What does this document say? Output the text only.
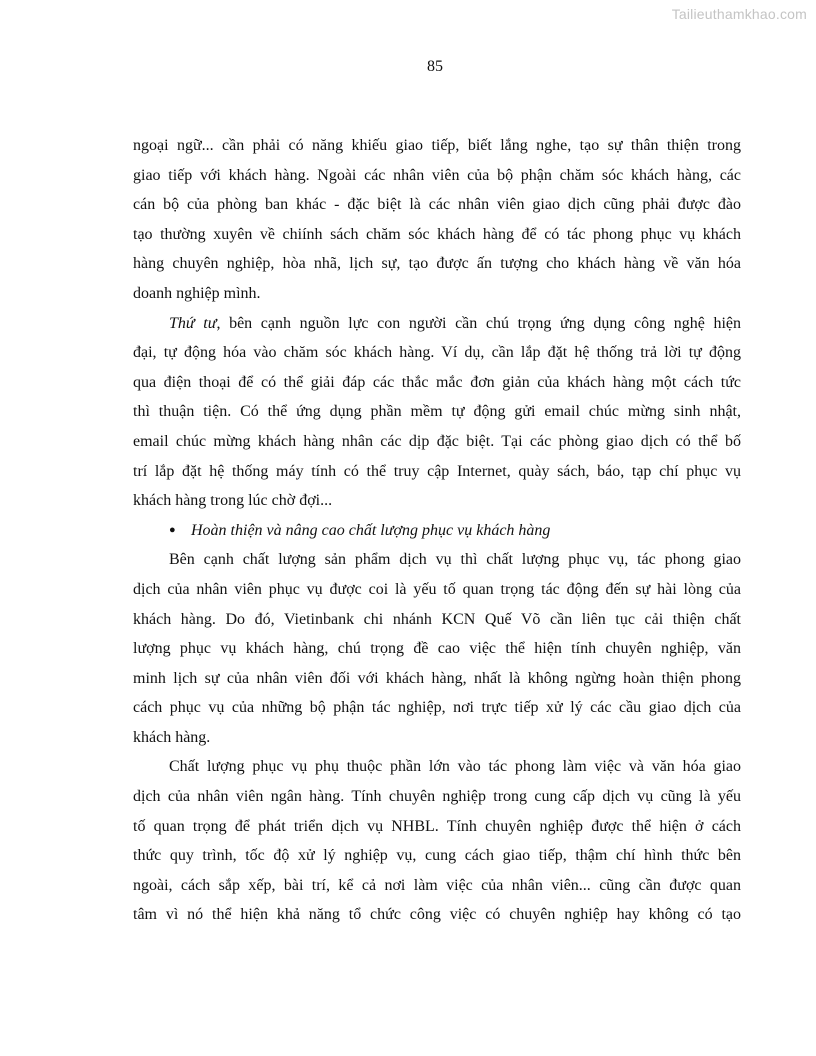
Tailieuthamkhao.com
85

ngoại ngữ... cần phải có năng khiếu giao tiếp, biết lắng nghe, tạo sự thân thiện trong
giao tiếp với khách hàng. Ngoài các nhân viên của bộ phận chăm sóc khách hàng, các
cán bộ của phòng ban khác - đặc biệt là các nhân viên giao dịch cũng phải được đào
tạo thường xuyên về chiính sách chăm sóc khách hàng để có tác phong phục vụ khách
hàng chuyên nghiệp, hòa nhã, lịch sự, tạo được ấn tượng cho khách hàng về văn hóa
doanh nghiệp mình.

Thứ tư, bên cạnh nguồn lực con người cần chú trọng ứng dụng công nghệ hiện
đại, tự động hóa vào chăm sóc khách hàng. Ví dụ, cần lắp đặt hệ thống trả lời tự động
qua điện thoại để có thể giải đáp các thắc mắc đơn giản của khách hàng một cách tức
thì thuận tiện. Có thể ứng dụng phần mềm tự động gửi email chúc mừng sinh nhật,
email chúc mừng khách hàng nhân các dịp đặc biệt. Tại các phòng giao dịch có thể bố
trí lắp đặt hệ thống máy tính có thể truy cập Internet, quày sách, báo, tạp chí phục vụ
khách hàng trong lúc chờ đợi...

● Hoàn thiện và nâng cao chất lượng phục vụ khách hàng

Bên cạnh chất lượng sản phẩm dịch vụ thì chất lượng phục vụ, tác phong giao
dịch của nhân viên phục vụ được coi là yếu tố quan trọng tác động đến sự hài lòng của
khách hàng. Do đó, Vietinbank chi nhánh KCN Quế Võ cần liên tục cải thiện chất
lượng phục vụ khách hàng, chú trọng đề cao việc thể hiện tính chuyên nghiệp, văn
minh lịch sự của nhân viên đối với khách hàng, nhất là không ngừng hoàn thiện phong
cách phục vụ của những bộ phận tác nghiệp, nơi trực tiếp xử lý các cầu giao dịch của
khách hàng.

Chất lượng phục vụ phụ thuộc phần lớn vào tác phong làm việc và văn hóa giao
dịch của nhân viên ngân hàng. Tính chuyên nghiệp trong cung cấp dịch vụ cũng là yếu
tố quan trọng để phát triển dịch vụ NHBL. Tính chuyên nghiệp được thể hiện ở cách
thức quy trình, tốc độ xử lý nghiệp vụ, cung cách giao tiếp, thậm chí hình thức bên
ngoài, cách sắp xếp, bài trí, kể cả nơi làm việc của nhân viên... cũng cần được quan
tâm vì nó thể hiện khả năng tổ chức công việc có chuyên nghiệp hay không có tạo
